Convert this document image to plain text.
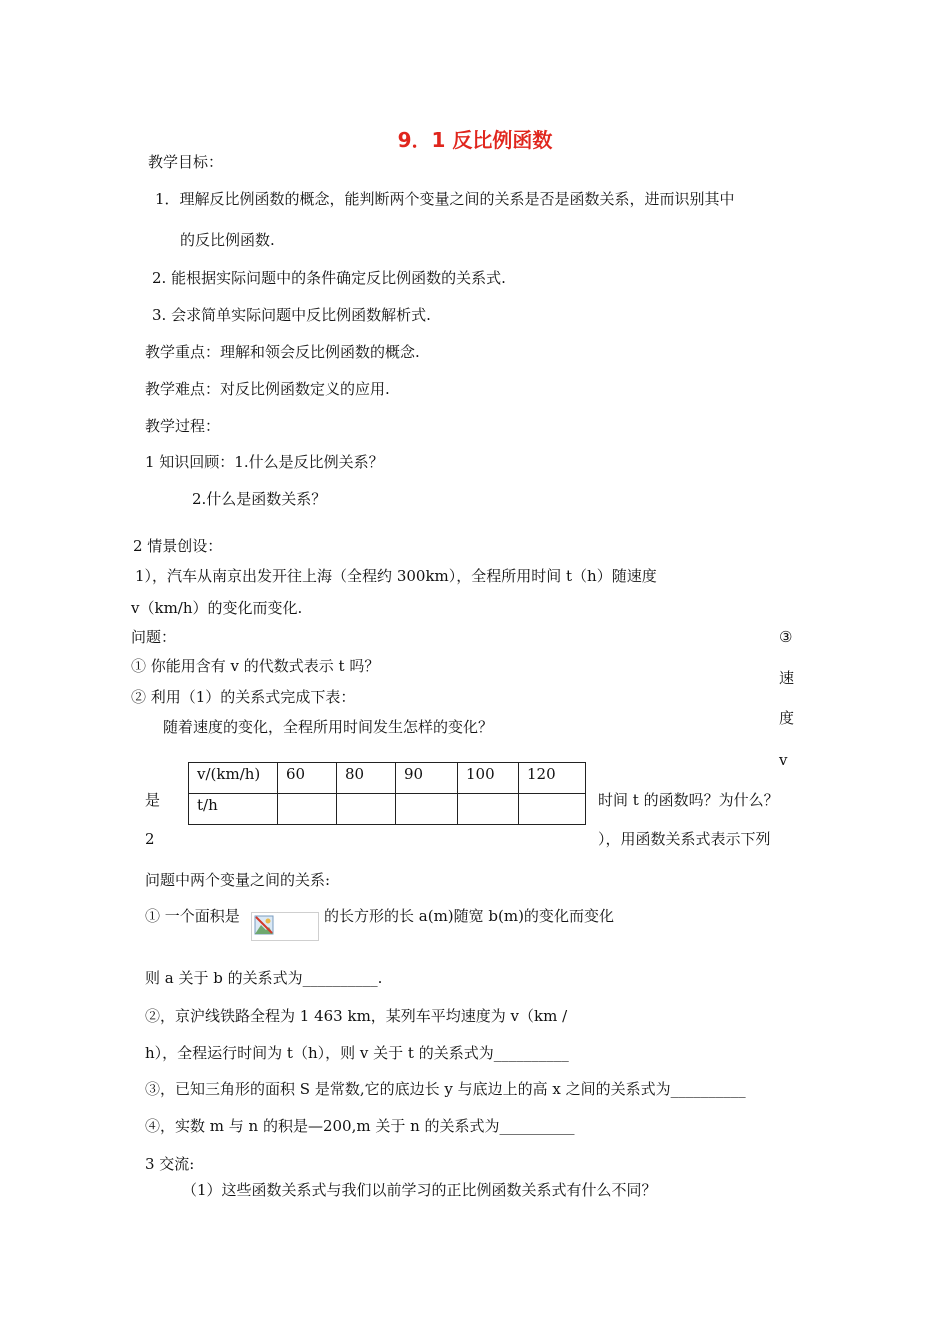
9．1 反比例函数
教学目标：
1．理解反比例函数的概念，能判断两个变量之间的关系是否是函数关系，进而识别其中
的反比例函数.
2. 能根据实际问题中的条件确定反比例函数的关系式.
3. 会求简单实际问题中反比例函数解析式.
教学重点：理解和领会反比例函数的概念.
教学难点：对反比例函数定义的应用.
教学过程：
1 知识回顾：1.什么是反比例关系？
2.什么是函数关系？
2 情景创设：
1），汽车从南京出发开往上海（全程约 300km），全程所用时间 t（h）随速度
v（km/h）的变化而变化.
问题：
① 你能用含有 v 的代数式表示 t 吗？
② 利用（1）的关系式完成下表：
随着速度的变化，全程所用时间发生怎样的变化？
③
速
度
v
是
2
时间 t 的函数吗？为什么？
），用函数关系式表示下列
v/(km/h)	60	80	90	100	120
t/h					
问题中两个变量之间的关系:
① 一个面积是	的长方形的长 a(m)随宽 b(m)的变化而变化
则 a 关于 b 的关系式为__________.
②，京沪线铁路全程为 1 463 km，某列车平均速度为 v（km /
h），全程运行时间为 t（h），则 v 关于 t 的关系式为__________
③，已知三角形的面积 S 是常数,它的底边长 y 与底边上的高 x 之间的关系式为__________
④，实数 m 与 n 的积是—200,m 关于 n 的关系式为__________
3 交流:
（1）这些函数关系式与我们以前学习的正比例函数关系式有什么不同？
